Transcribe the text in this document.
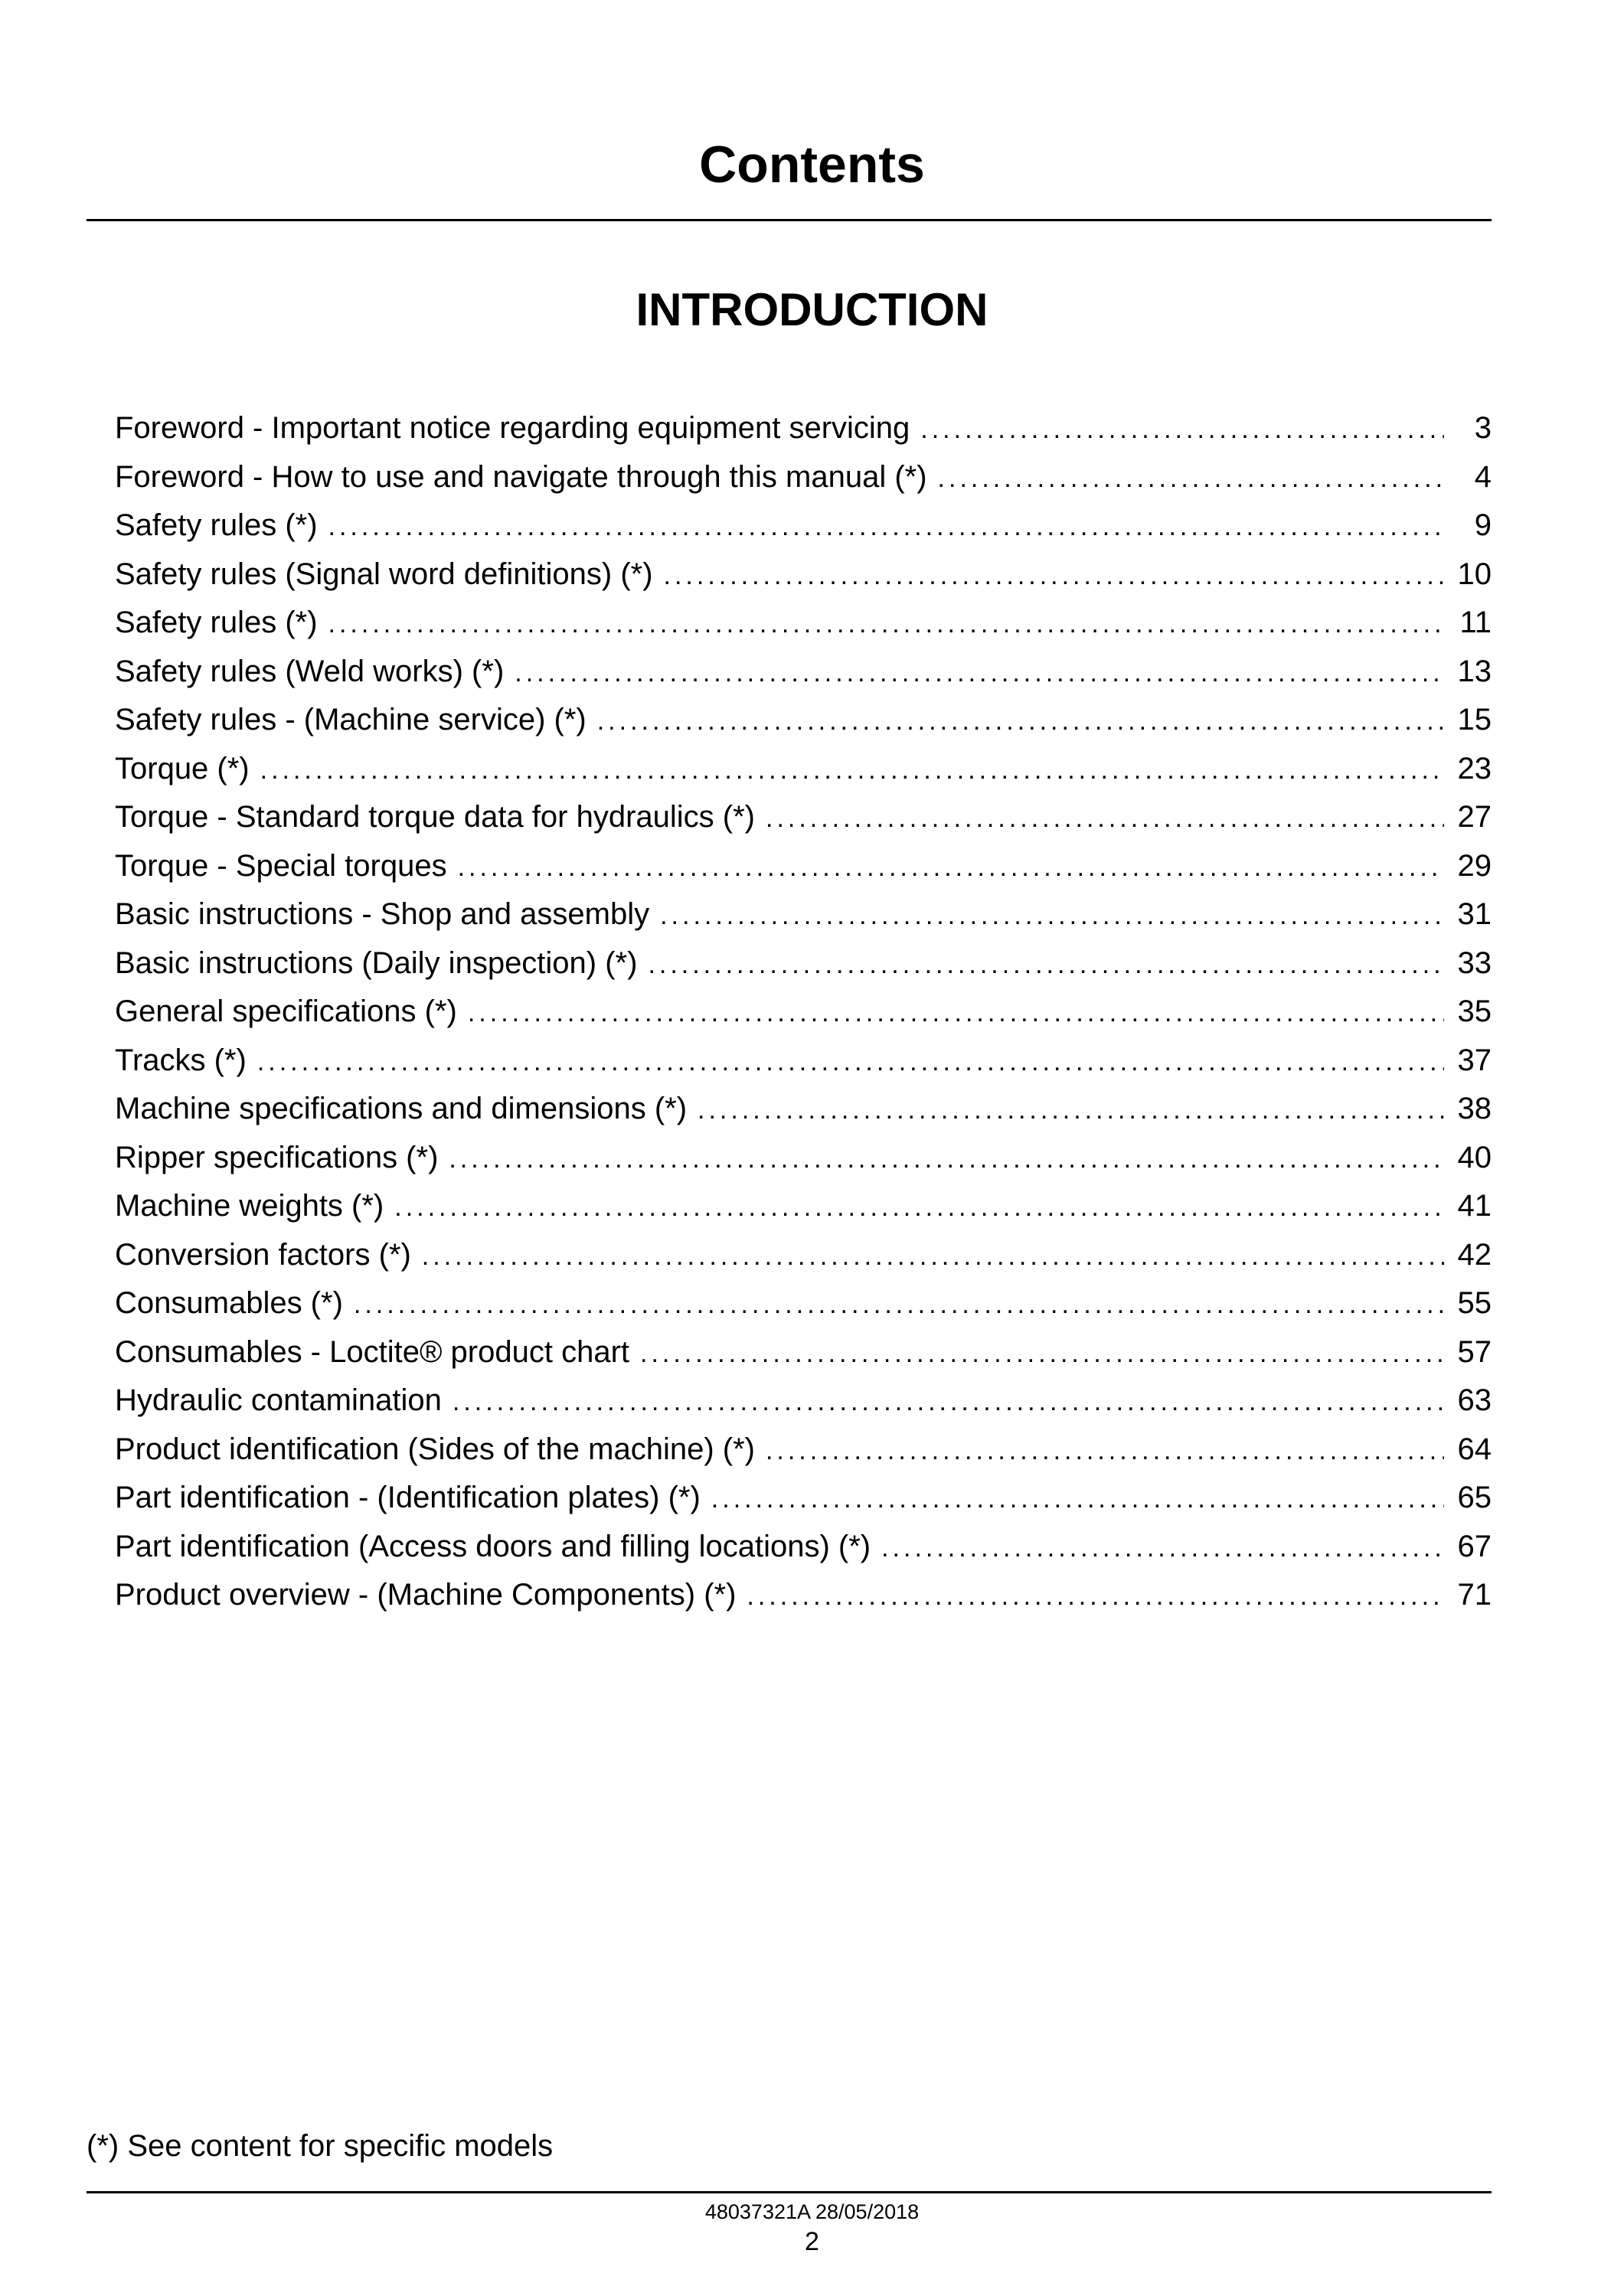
Contents
INTRODUCTION
Foreword - Important notice regarding equipment servicing .....	3
Foreword - How to use and navigate through this manual (*) .....	4
Safety rules (*) .....	9
Safety rules (Signal word definitions) (*) .....	10
Safety rules (*) .....	11
Safety rules (Weld works) (*) .....	13
Safety rules - (Machine service) (*) .....	15
Torque (*) .....	23
Torque - Standard torque data for hydraulics (*) .....	27
Torque - Special torques .....	29
Basic instructions - Shop and assembly .....	31
Basic instructions (Daily inspection) (*) .....	33
General specifications (*) .....	35
Tracks (*) .....	37
Machine specifications and dimensions (*) .....	38
Ripper specifications (*) .....	40
Machine weights (*) .....	41
Conversion factors (*) .....	42
Consumables (*) .....	55
Consumables - Loctite® product chart .....	57
Hydraulic contamination .....	63
Product identification (Sides of the machine) (*) .....	64
Part identification - (Identification plates) (*) .....	65
Part identification (Access doors and filling locations) (*) .....	67
Product overview - (Machine Components) (*) .....	71
(*) See content for specific models
48037321A 28/05/2018
2
